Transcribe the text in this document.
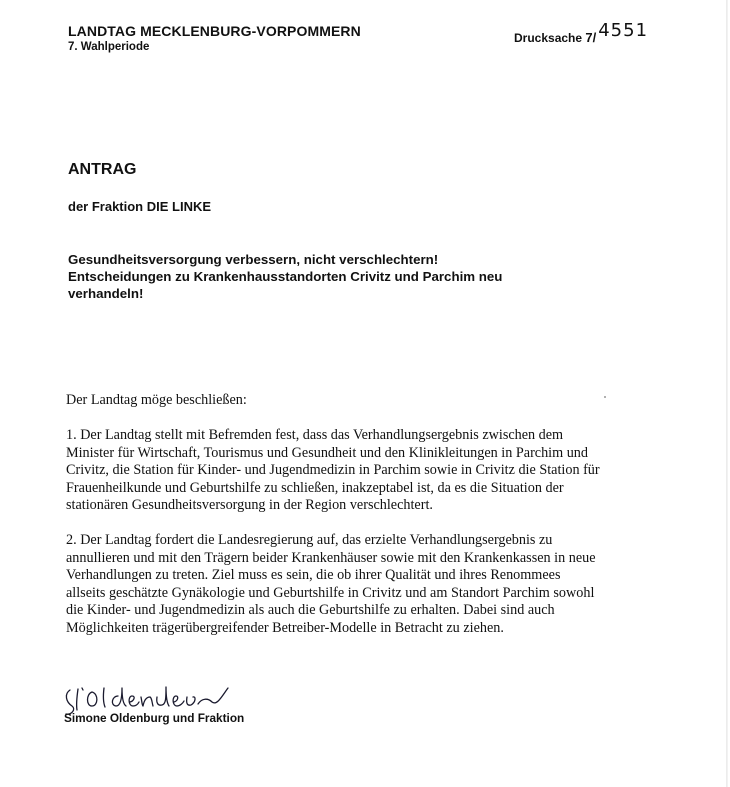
LANDTAG MECKLENBURG-VORPOMMERN
7. Wahlperiode
Drucksache 7/ 4551
ANTRAG
der Fraktion DIE LINKE
Gesundheitsversorgung verbessern, nicht verschlechtern!
Entscheidungen zu Krankenhausstandorten Crivitz und Parchim neu
verhandeln!
Der Landtag möge beschließen:
1. Der Landtag stellt mit Befremden fest, dass das Verhandlungsergebnis zwischen dem
Minister für Wirtschaft, Tourismus und Gesundheit und den Klinikleitungen in Parchim und
Crivitz, die Station für Kinder- und Jugendmedizin in Parchim sowie in Crivitz die Station für
Frauenheilkunde und Geburtshilfe zu schließen, inakzeptabel ist, da es die Situation der
stationären Gesundheitsversorgung in der Region verschlechtert.
2. Der Landtag fordert die Landesregierung auf, das erzielte Verhandlungsergebnis zu
annullieren und mit den Trägern beider Krankenhäuser sowie mit den Krankenkassen in neue
Verhandlungen zu treten. Ziel muss es sein, die ob ihrer Qualität und ihres Renommees
allseits geschätzte Gynäkologie und Geburtshilfe in Crivitz und am Standort Parchim sowohl
die Kinder- und Jugendmedizin als auch die Geburtshilfe zu erhalten. Dabei sind auch
Möglichkeiten trägerübergreifender Betreiber-Modelle in Betracht zu ziehen.
Simone Oldenburg und Fraktion
